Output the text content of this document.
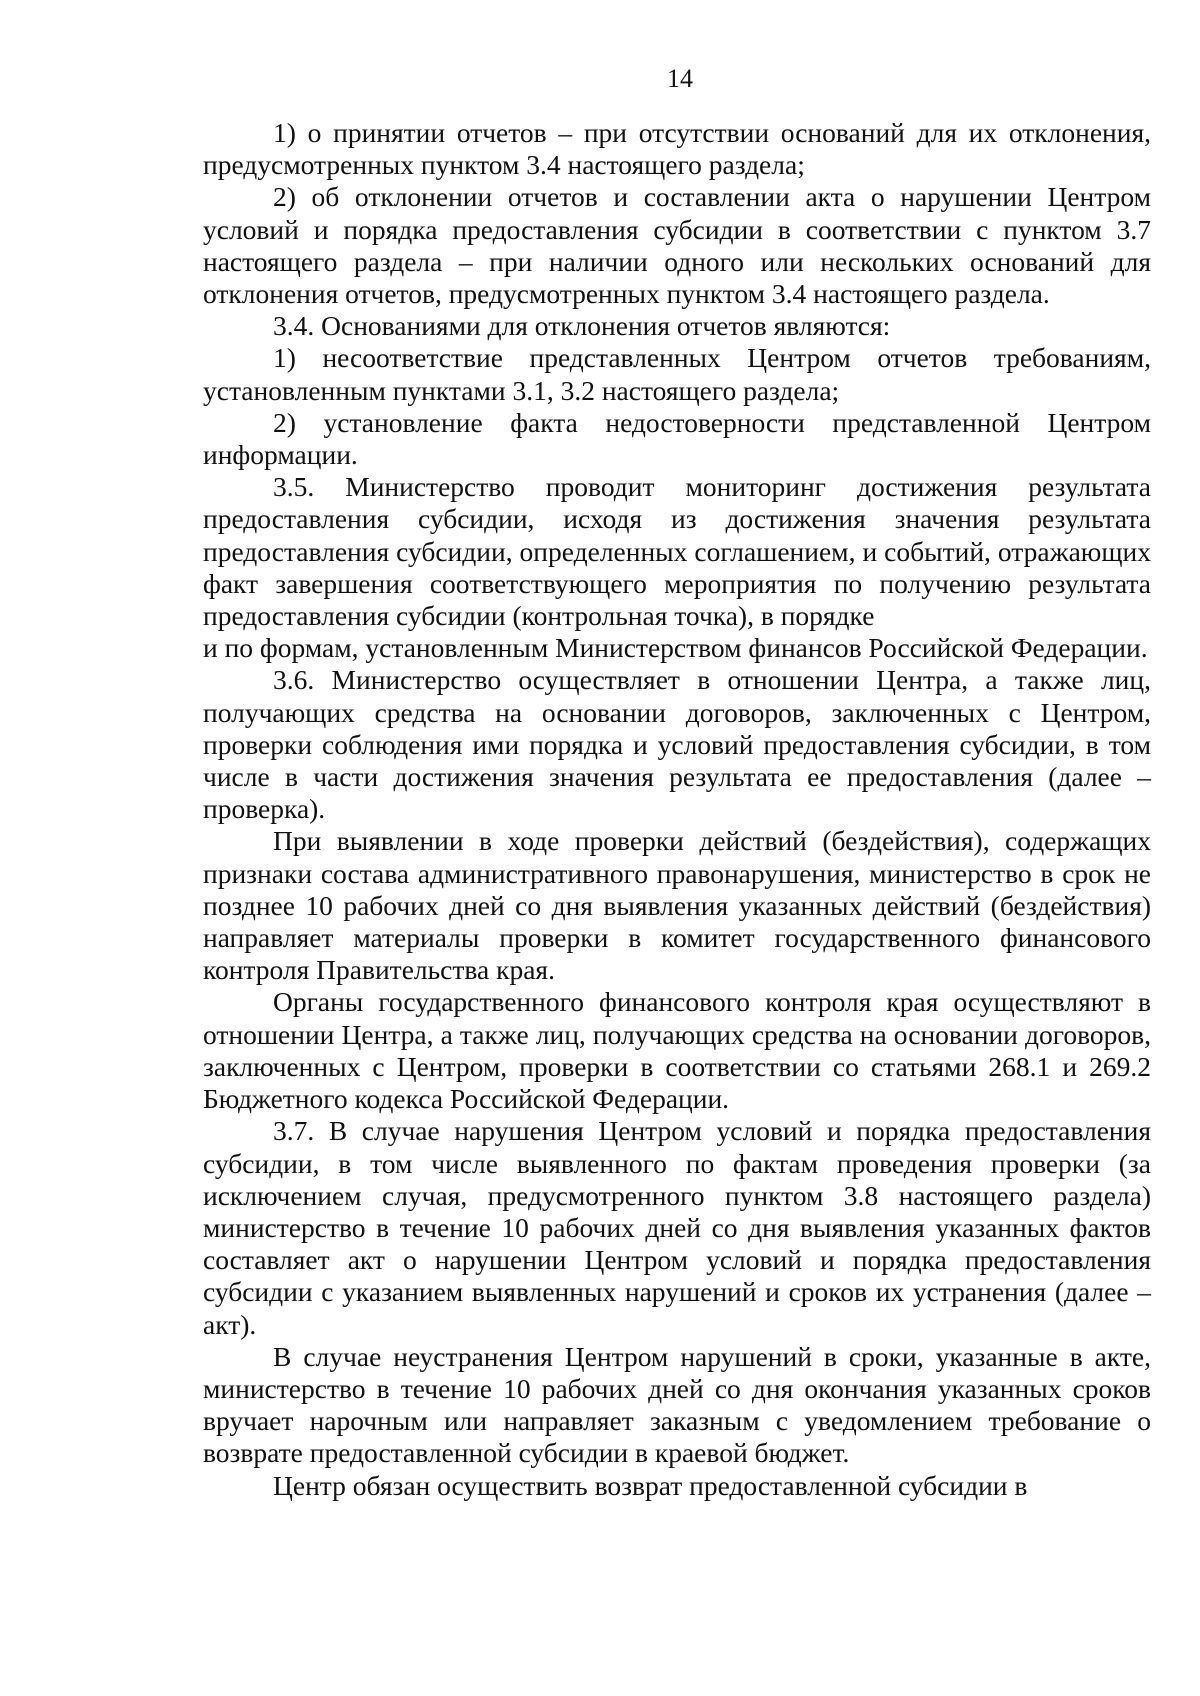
14

1) о принятии отчетов – при отсутствии оснований для их отклонения, предусмотренных пунктом 3.4 настоящего раздела;

2) об отклонении отчетов и составлении акта о нарушении Центром условий и порядка предоставления субсидии в соответствии с пунктом 3.7 настоящего раздела – при наличии одного или нескольких оснований для отклонения отчетов, предусмотренных пунктом 3.4 настоящего раздела.

3.4. Основаниями для отклонения отчетов являются:

1) несоответствие представленных Центром отчетов требованиям, установленным пунктами 3.1, 3.2 настоящего раздела;

2) установление факта недостоверности представленной Центром информации.

3.5. Министерство проводит мониторинг достижения результата предоставления субсидии, исходя из достижения значения результата предоставления субсидии, определенных соглашением, и событий, отражающих факт завершения соответствующего мероприятия по получению результата предоставления субсидии (контрольная точка), в порядке

и по формам, установленным Министерством финансов Российской Федерации.

3.6. Министерство осуществляет в отношении Центра, а также лиц, получающих средства на основании договоров, заключенных с Центром, проверки соблюдения ими порядка и условий предоставления субсидии, в том числе в части достижения значения результата ее предоставления (далее – проверка).

При выявлении в ходе проверки действий (бездействия), содержащих признаки состава административного правонарушения, министерство в срок не позднее 10 рабочих дней со дня выявления указанных действий (бездействия) направляет материалы проверки в комитет государственного финансового контроля Правительства края.

Органы государственного финансового контроля края осуществляют в отношении Центра, а также лиц, получающих средства на основании договоров, заключенных с Центром, проверки в соответствии со статьями 268.1 и 269.2 Бюджетного кодекса Российской Федерации.

3.7. В случае нарушения Центром условий и порядка предоставления субсидии, в том числе выявленного по фактам проведения проверки (за исключением случая, предусмотренного пунктом 3.8 настоящего раздела) министерство в течение 10 рабочих дней со дня выявления указанных фактов составляет акт о нарушении Центром условий и порядка предоставления субсидии с указанием выявленных нарушений и сроков их устранения (далее – акт).

В случае неустранения Центром нарушений в сроки, указанные в акте, министерство в течение 10 рабочих дней со дня окончания указанных сроков вручает нарочным или направляет заказным с уведомлением требование о возврате предоставленной субсидии в краевой бюджет.

Центр обязан осуществить возврат предоставленной субсидии в
